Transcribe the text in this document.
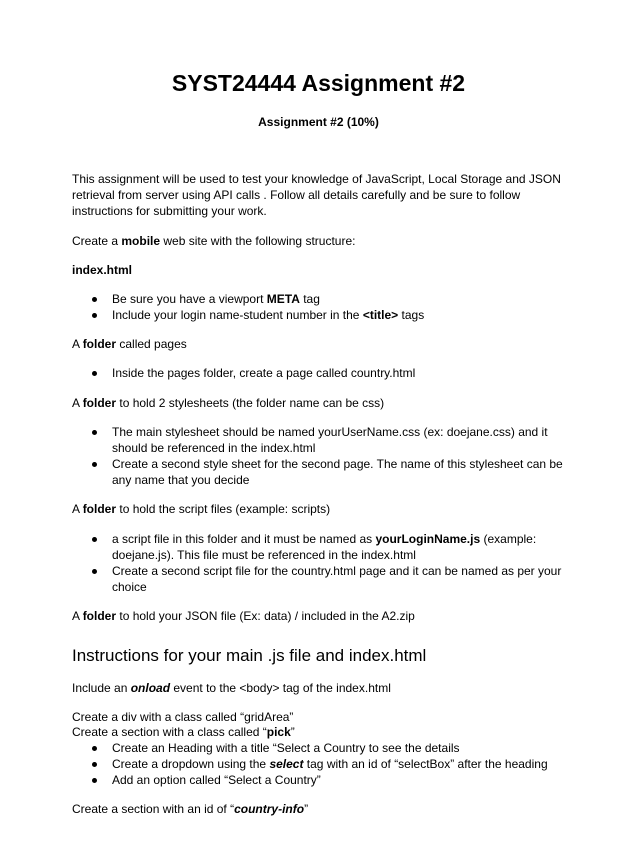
SYST24444 Assignment #2
Assignment #2 (10%)
This assignment will be used to test your knowledge of JavaScript, Local Storage and JSON retrieval from server using API calls . Follow all details carefully and be sure to follow instructions for submitting your work.
Create a mobile web site with the following structure:
index.html
Be sure you have a viewport META tag
Include your login name-student number in the <title> tags
A folder called pages
Inside the pages folder, create a page called country.html
A folder to hold 2 stylesheets (the folder name can be css)
The main stylesheet should be named yourUserName.css (ex: doejane.css) and it should be referenced in the index.html
Create a second style sheet for the second page. The name of this stylesheet can be any name that you decide
A folder to hold the script files (example: scripts)
a script file in this folder and it must be named as yourLoginName.js (example: doejane.js). This file must be referenced in the index.html
Create a second script file for the country.html page and it can be named as per your choice
A folder to hold your JSON file (Ex: data) / included in the A2.zip
Instructions for your main .js file and index.html
Include an onload event to the <body> tag of the index.html
Create a div with a class called “gridArea”
Create a section with a class called “pick”
Create an Heading with a title “Select a Country to see the details
Create a dropdown using the select tag with an id of “selectBox” after the heading
Add an option called “Select a Country”
Create a section with an id of “country-info”
